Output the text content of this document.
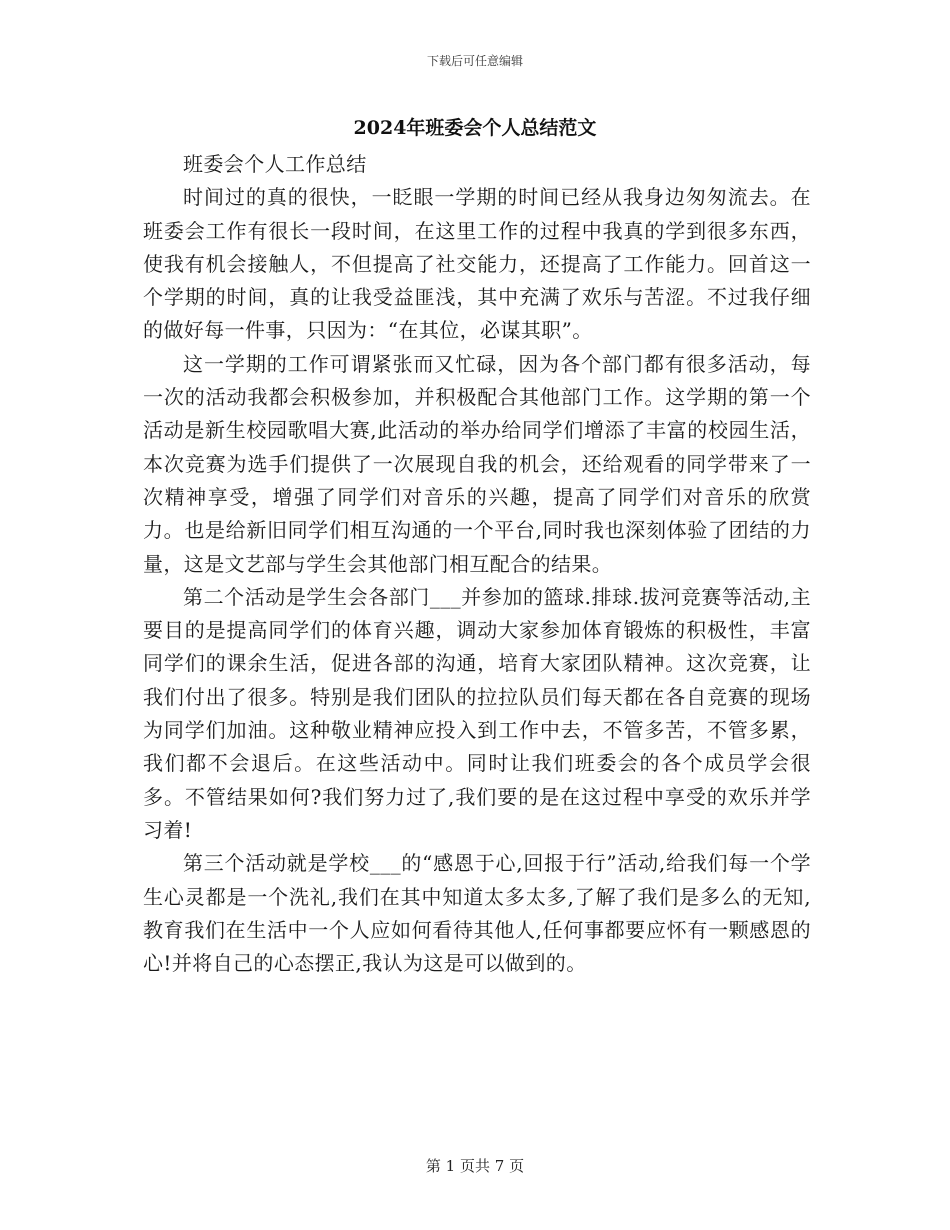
下载后可任意编辑
2024年班委会个人总结范文

班委会个人工作总结

时间过的真的很快，一眨眼一学期的时间已经从我身边匆匆流去。在班委会工作有很长一段时间，在这里工作的过程中我真的学到很多东西，使我有机会接触人，不但提高了社交能力，还提高了工作能力。回首这一个学期的时间，真的让我受益匪浅，其中充满了欢乐与苦涩。不过我仔细的做好每一件事，只因为：“在其位，必谋其职”。

这一学期的工作可谓紧张而又忙碌，因为各个部门都有很多活动，每一次的活动我都会积极参加，并积极配合其他部门工作。这学期的第一个活动是新生校园歌唱大赛,此活动的举办给同学们增添了丰富的校园生活，本次竞赛为选手们提供了一次展现自我的机会，还给观看的同学带来了一次精神享受，增强了同学们对音乐的兴趣，提高了同学们对音乐的欣赏力。也是给新旧同学们相互沟通的一个平台,同时我也深刻体验了团结的力量，这是文艺部与学生会其他部门相互配合的结果。

第二个活动是学生会各部门___并参加的篮球.排球.拔河竞赛等活动,主要目的是提高同学们的体育兴趣，调动大家参加体育锻炼的积极性，丰富同学们的课余生活，促进各部的沟通，培育大家团队精神。这次竞赛，让我们付出了很多。特别是我们团队的拉拉队员们每天都在各自竞赛的现场为同学们加油。这种敬业精神应投入到工作中去，不管多苦，不管多累，我们都不会退后。在这些活动中。同时让我们班委会的各个成员学会很多。不管结果如何?我们努力过了,我们要的是在这过程中享受的欢乐并学习着!

第三个活动就是学校___的“感恩于心,回报于行”活动,给我们每一个学生心灵都是一个洗礼,我们在其中知道太多太多,了解了我们是多么的无知,教育我们在生活中一个人应如何看待其他人,任何事都要应怀有一颗感恩的心!并将自己的心态摆正,我认为这是可以做到的。

第 1 页共 7 页
